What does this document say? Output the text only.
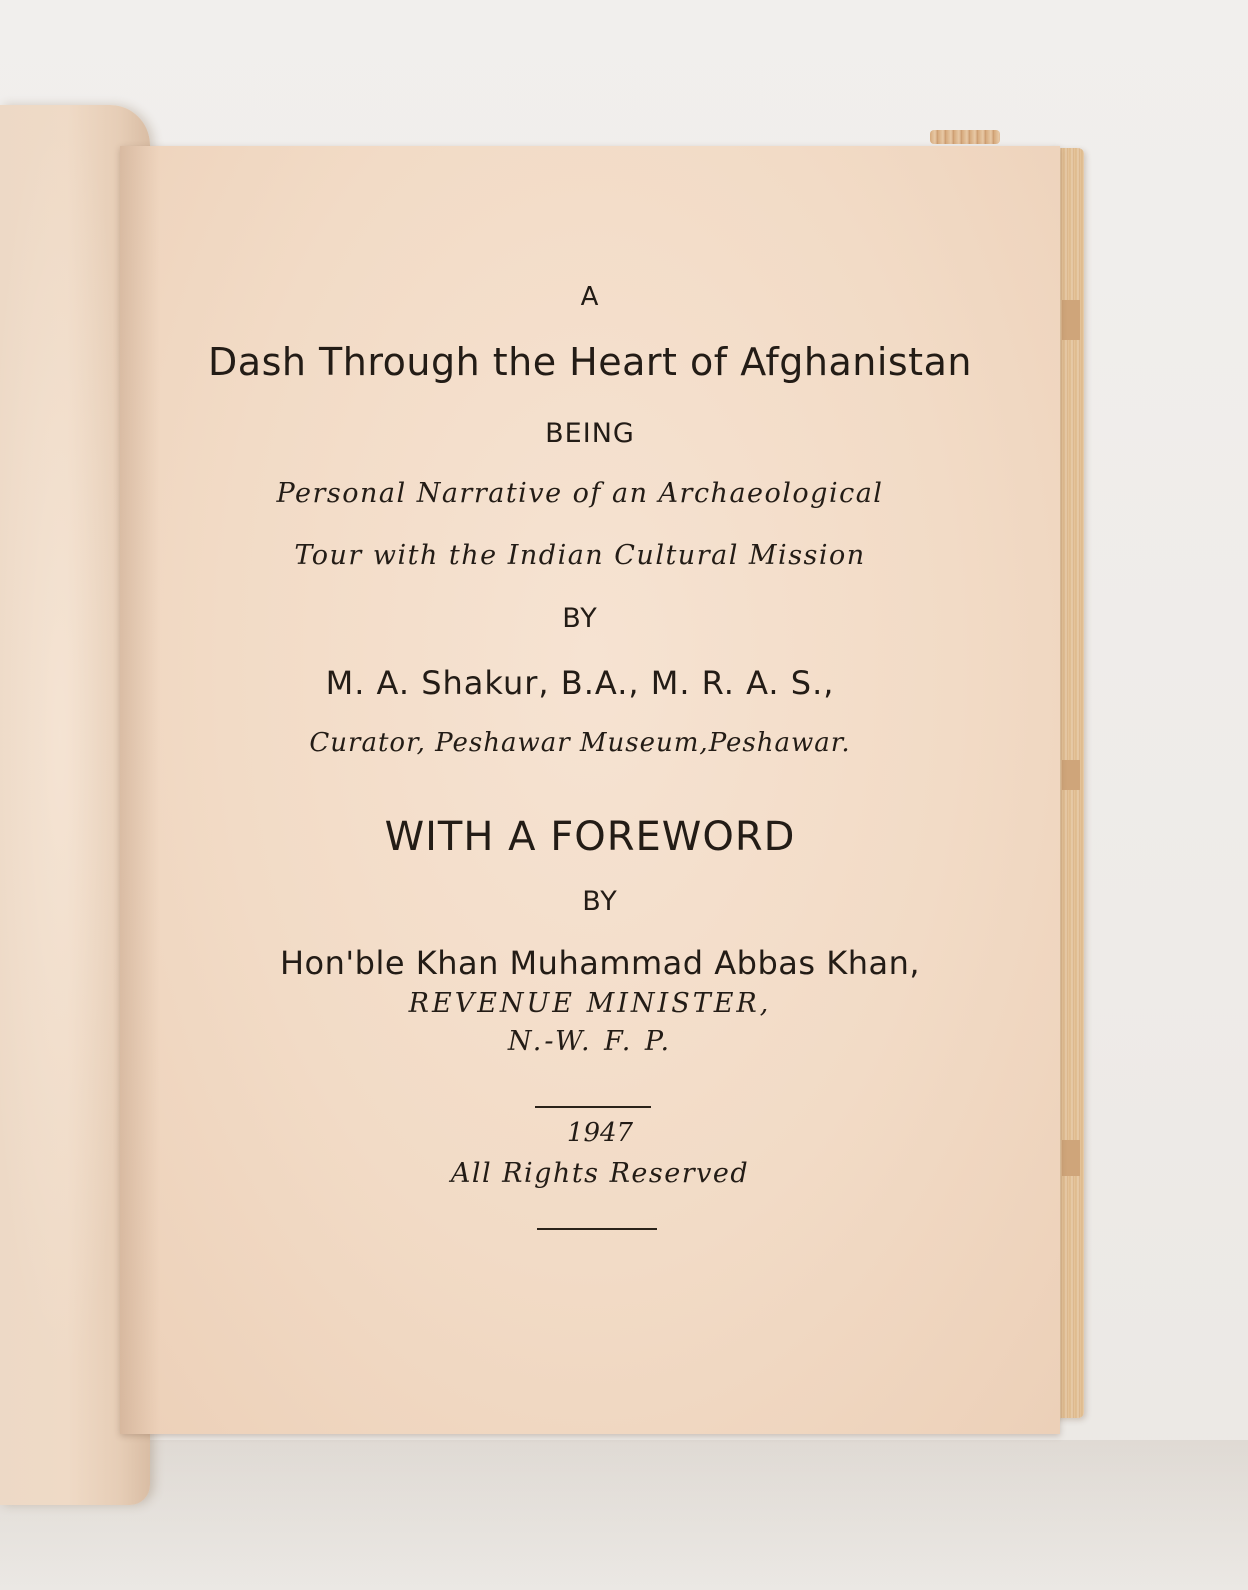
A
Dash Through the Heart of Afghanistan
BEING
Personal Narrative of an Archaeological
Tour with the Indian Cultural Mission
BY
M. A. Shakur, B.A., M. R. A. S.,
Curator, Peshawar Museum,Peshawar.
WITH A FOREWORD
BY
Hon'ble Khan Muhammad Abbas Khan,
REVENUE MINISTER,
N.-W. F. P.
1947
All Rights Reserved
